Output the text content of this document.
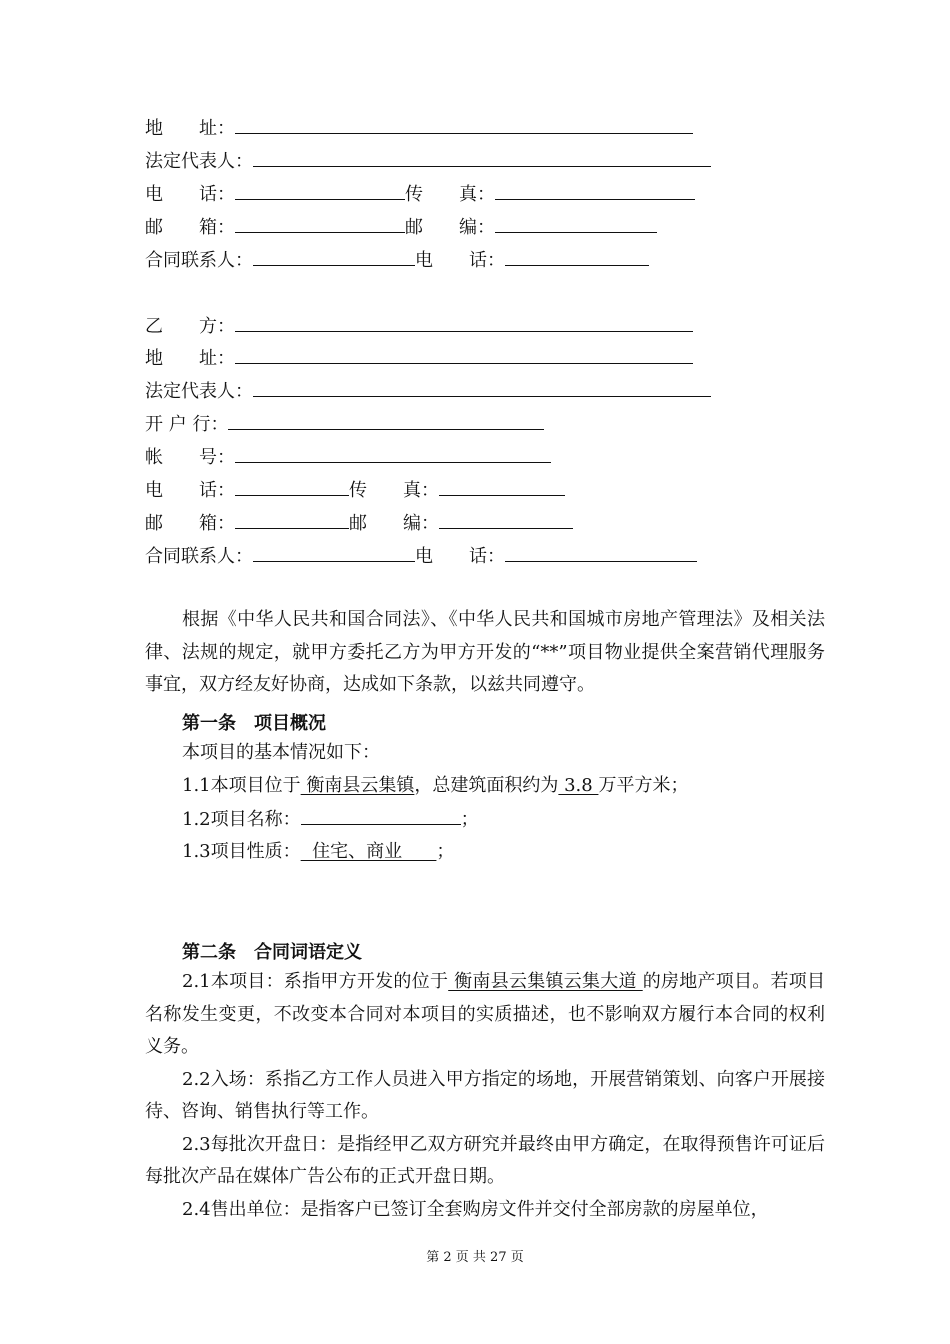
地　　址：
法定代表人：
电　　话：	传　　真：
邮　　箱：	邮　　编：
合同联系人：	电　　话：
乙　　方：
地　　址：
法定代表人：
开 户 行：
帐　　号：
电　　话：	传　　真：
邮　　箱：	邮　　编：
合同联系人：	电　　话：

根据《中华人民共和国合同法》、《中华人民共和国城市房地产管理法》及相关法律、法规的规定，就甲方委托乙方为甲方开发的“**”项目物业提供全案营销代理服务事宜，双方经友好协商，达成如下条款，以兹共同遵守。

第一条 项目概况
本项目的基本情况如下：
1.1本项目位于 衡南县云集镇，总建筑面积约为 3.8 万平方米；
1.2项目名称：	；
1.3项目性质：  住宅、商业      ；
第二条 合同词语定义

2.1本项目：系指甲方开发的位于 衡南县云集镇云集大道 的房地产项目。若项目名称发生变更，不改变本合同对本项目的实质描述，也不影响双方履行本合同的权利义务。

2.2入场：系指乙方工作人员进入甲方指定的场地，开展营销策划、向客户开展接待、咨询、销售执行等工作。

2.3每批次开盘日：是指经甲乙双方研究并最终由甲方确定，在取得预售许可证后每批次产品在媒体广告公布的正式开盘日期。

2.4售出单位：是指客户已签订全套购房文件并交付全部房款的房屋单位，

第 2 页 共 27 页
